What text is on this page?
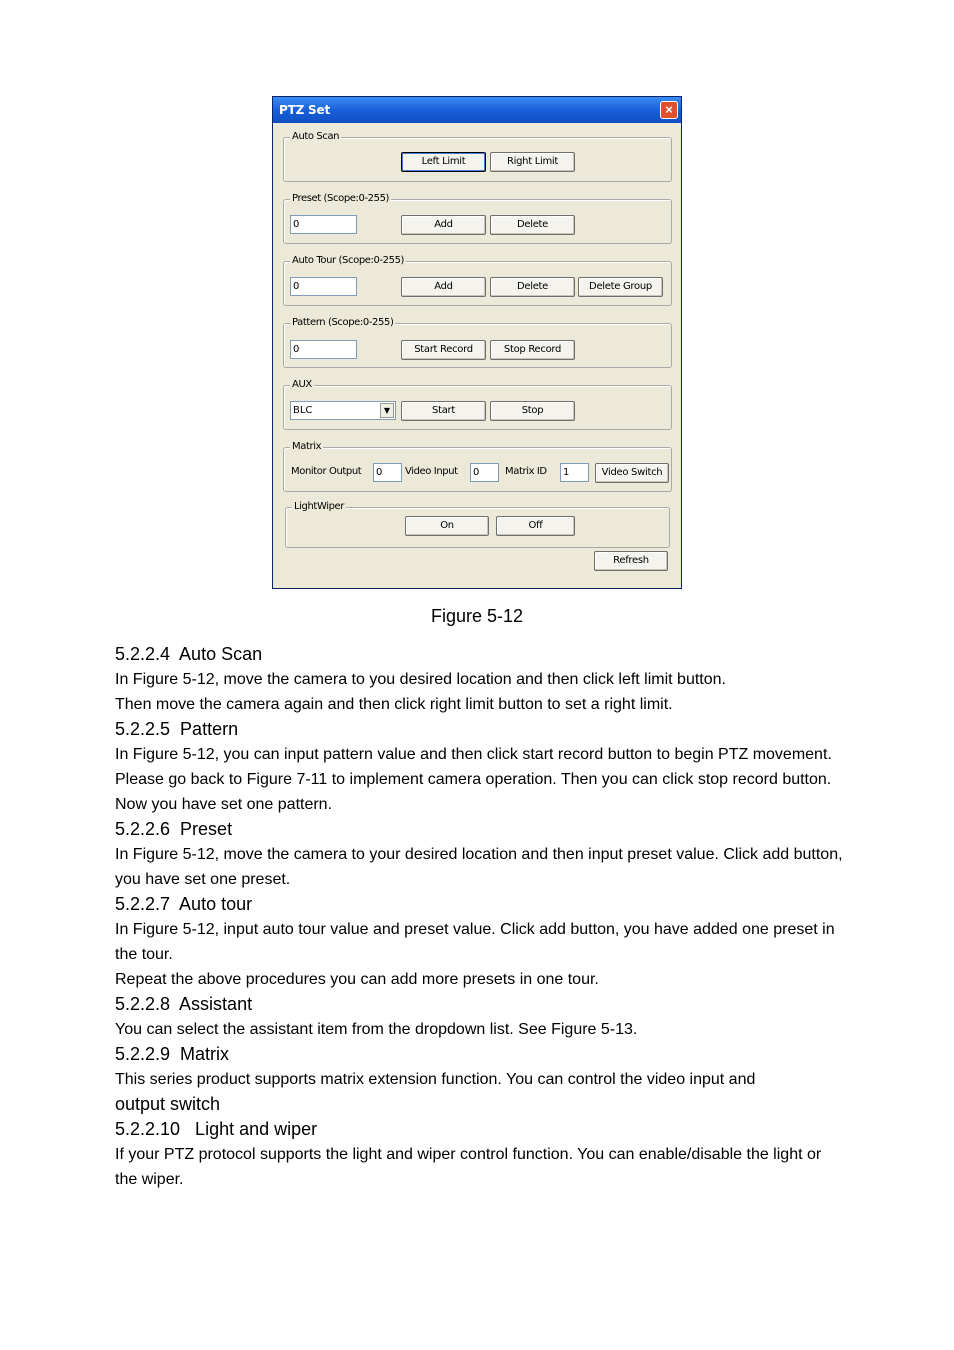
PTZ Set	×
Auto Scan
Left Limit	Right Limit
Preset (Scope:0-255)
0	Add	Delete
Auto Tour (Scope:0-255)
0	Add	Delete	Delete Group
Pattern (Scope:0-255)
0	Start Record	Stop Record
AUX
BLC	▼	Start	Stop
Matrix
Monitor Output	0	Video Input	0	Matrix ID	1	Video Switch
LightWiper
On	Off
Refresh
Figure 5-12
5.2.2.4  Auto Scan
In Figure 5-12, move the camera to you desired location and then click left limit button.
Then move the camera again and then click right limit button to set a right limit.
5.2.2.5  Pattern
In Figure 5-12, you can input pattern value and then click start record button to begin PTZ movement. Please go back to Figure 7-11 to implement camera operation. Then you can click stop record button. Now you have set one pattern.
5.2.2.6  Preset
In Figure 5-12, move the camera to your desired location and then input preset value. Click add button, you have set one preset.
5.2.2.7  Auto tour
In Figure 5-12, input auto tour value and preset value. Click add button, you have added one preset in the tour.
Repeat the above procedures you can add more presets in one tour.
5.2.2.8  Assistant
You can select the assistant item from the dropdown list. See Figure 5-13.
5.2.2.9  Matrix
This series product supports matrix extension function. You can control the video input and
output switch
5.2.2.10   Light and wiper
If your PTZ protocol supports the light and wiper control function. You can enable/disable the light or the wiper.
